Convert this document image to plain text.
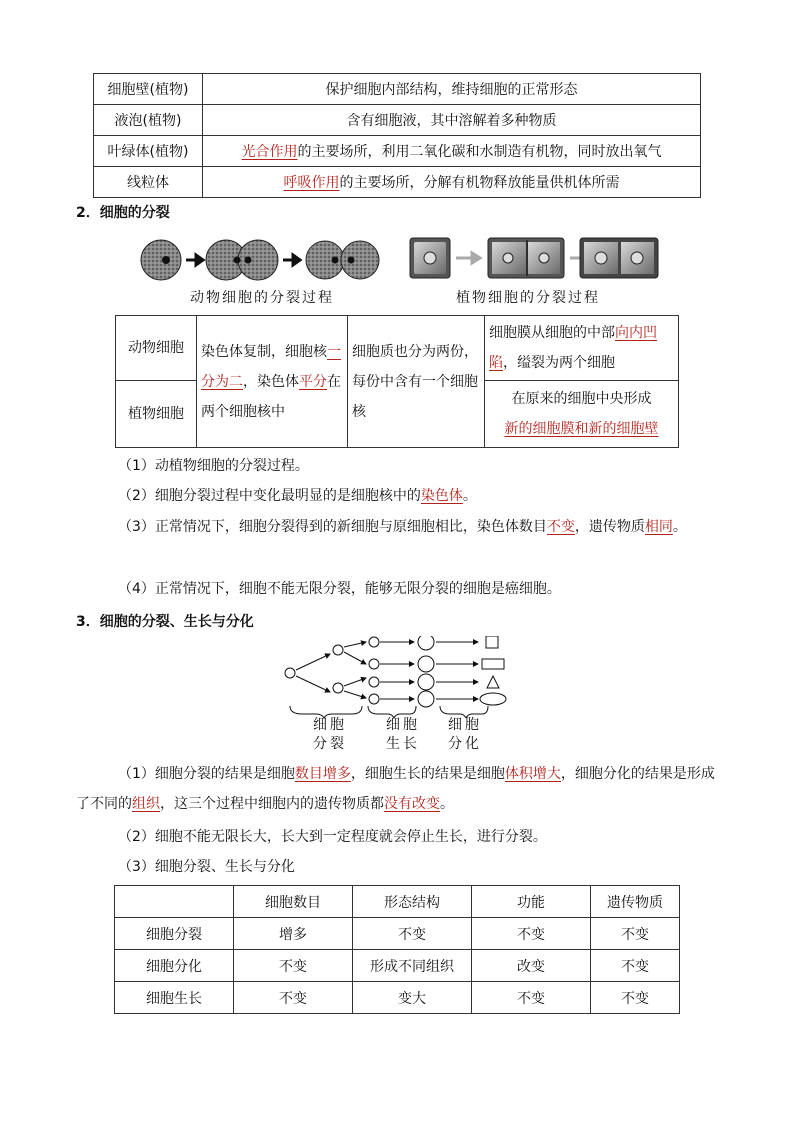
细胞壁(植物)	保护细胞内部结构，维持细胞的正常形态
液泡(植物)	含有细胞液，其中溶解着多种物质
叶绿体(植物)	光合作用的主要场所，利用二氧化碳和水制造有机物，同时放出氧气
线粒体	呼吸作用的主要场所，分解有机物释放能量供机体所需
2．细胞的分裂
动物细胞的分裂过程	植物细胞的分裂过程
动物细胞	染色体复制，细胞核一分为二，染色体平分在两个细胞核中	细胞质也分为两份，每份中含有一个细胞核	细胞膜从细胞的中部向内凹陷，缢裂为两个细胞
植物细胞			在原来的细胞中央形成
新的细胞膜和新的细胞壁
（1）动植物细胞的分裂过程。
（2）细胞分裂过程中变化最明显的是细胞核中的染色体。
（3）正常情况下，细胞分裂得到的新细胞与原细胞相比，染色体数目不变，遗传物质相同。
（4）正常情况下，细胞不能无限分裂，能够无限分裂的细胞是癌细胞。
3．细胞的分裂、生长与分化
细胞
分裂
细胞
生长
细胞
分化
（1）细胞分裂的结果是细胞数目增多，细胞生长的结果是细胞体积增大，细胞分化的结果是形成了不同的组织，这三个过程中细胞内的遗传物质都没有改变。
（2）细胞不能无限长大，长大到一定程度就会停止生长，进行分裂。
（3）细胞分裂、生长与分化
	细胞数目	形态结构	功能	遗传物质
细胞分裂	增多	不变	不变	不变
细胞分化	不变	形成不同组织	改变	不变
细胞生长	不变	变大	不变	不变
